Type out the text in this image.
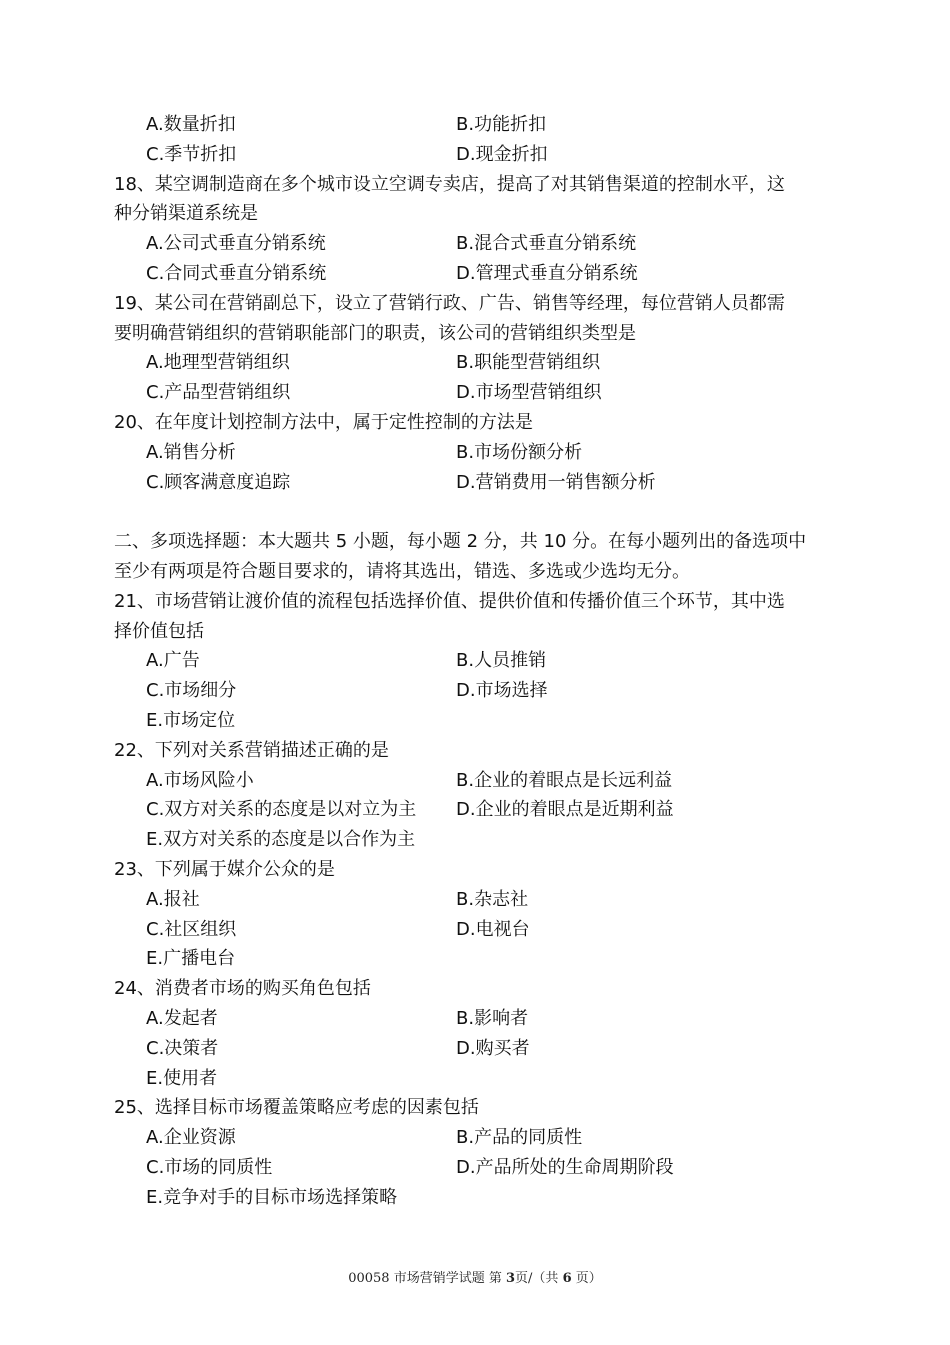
A.数量折扣	B.功能折扣
C.季节折扣	D.现金折扣
18、某空调制造商在多个城市设立空调专卖店，提高了对其销售渠道的控制水平，这
种分销渠道系统是
A.公司式垂直分销系统	B.混合式垂直分销系统
C.合同式垂直分销系统	D.管理式垂直分销系统
19、某公司在营销副总下，设立了营销行政、广告、销售等经理，每位营销人员都需
要明确营销组织的营销职能部门的职责，该公司的营销组织类型是
A.地理型营销组织	B.职能型营销组织
C.产品型营销组织	D.市场型营销组织
20、在年度计划控制方法中，属于定性控制的方法是
A.销售分析	B.市场份额分析
C.顾客满意度追踪	D.营销费用一销售额分析
二、多项选择题：本大题共 5 小题，每小题 2 分，共 10 分。在每小题列出的备选项中
至少有两项是符合题目要求的，请将其选出，错选、多选或少选均无分。
21、市场营销让渡价值的流程包括选择价值、提供价值和传播价值三个环节，其中选
择价值包括
A.广告	B.人员推销
C.市场细分	D.市场选择
E.市场定位
22、下列对关系营销描述正确的是
A.市场风险小	B.企业的着眼点是长远利益
C.双方对关系的态度是以对立为主	D.企业的着眼点是近期利益
E.双方对关系的态度是以合作为主
23、下列属于媒介公众的是
A.报社	B.杂志社
C.社区组织	D.电视台
E.广播电台
24、消费者市场的购买角色包括
A.发起者	B.影响者
C.决策者	D.购买者
E.使用者
25、选择目标市场覆盖策略应考虑的因素包括
A.企业资源	B.产品的同质性
C.市场的同质性	D.产品所处的生命周期阶段
E.竞争对手的目标市场选择策略
00058 市场营销学试题 第 3页/（共 6 页）
